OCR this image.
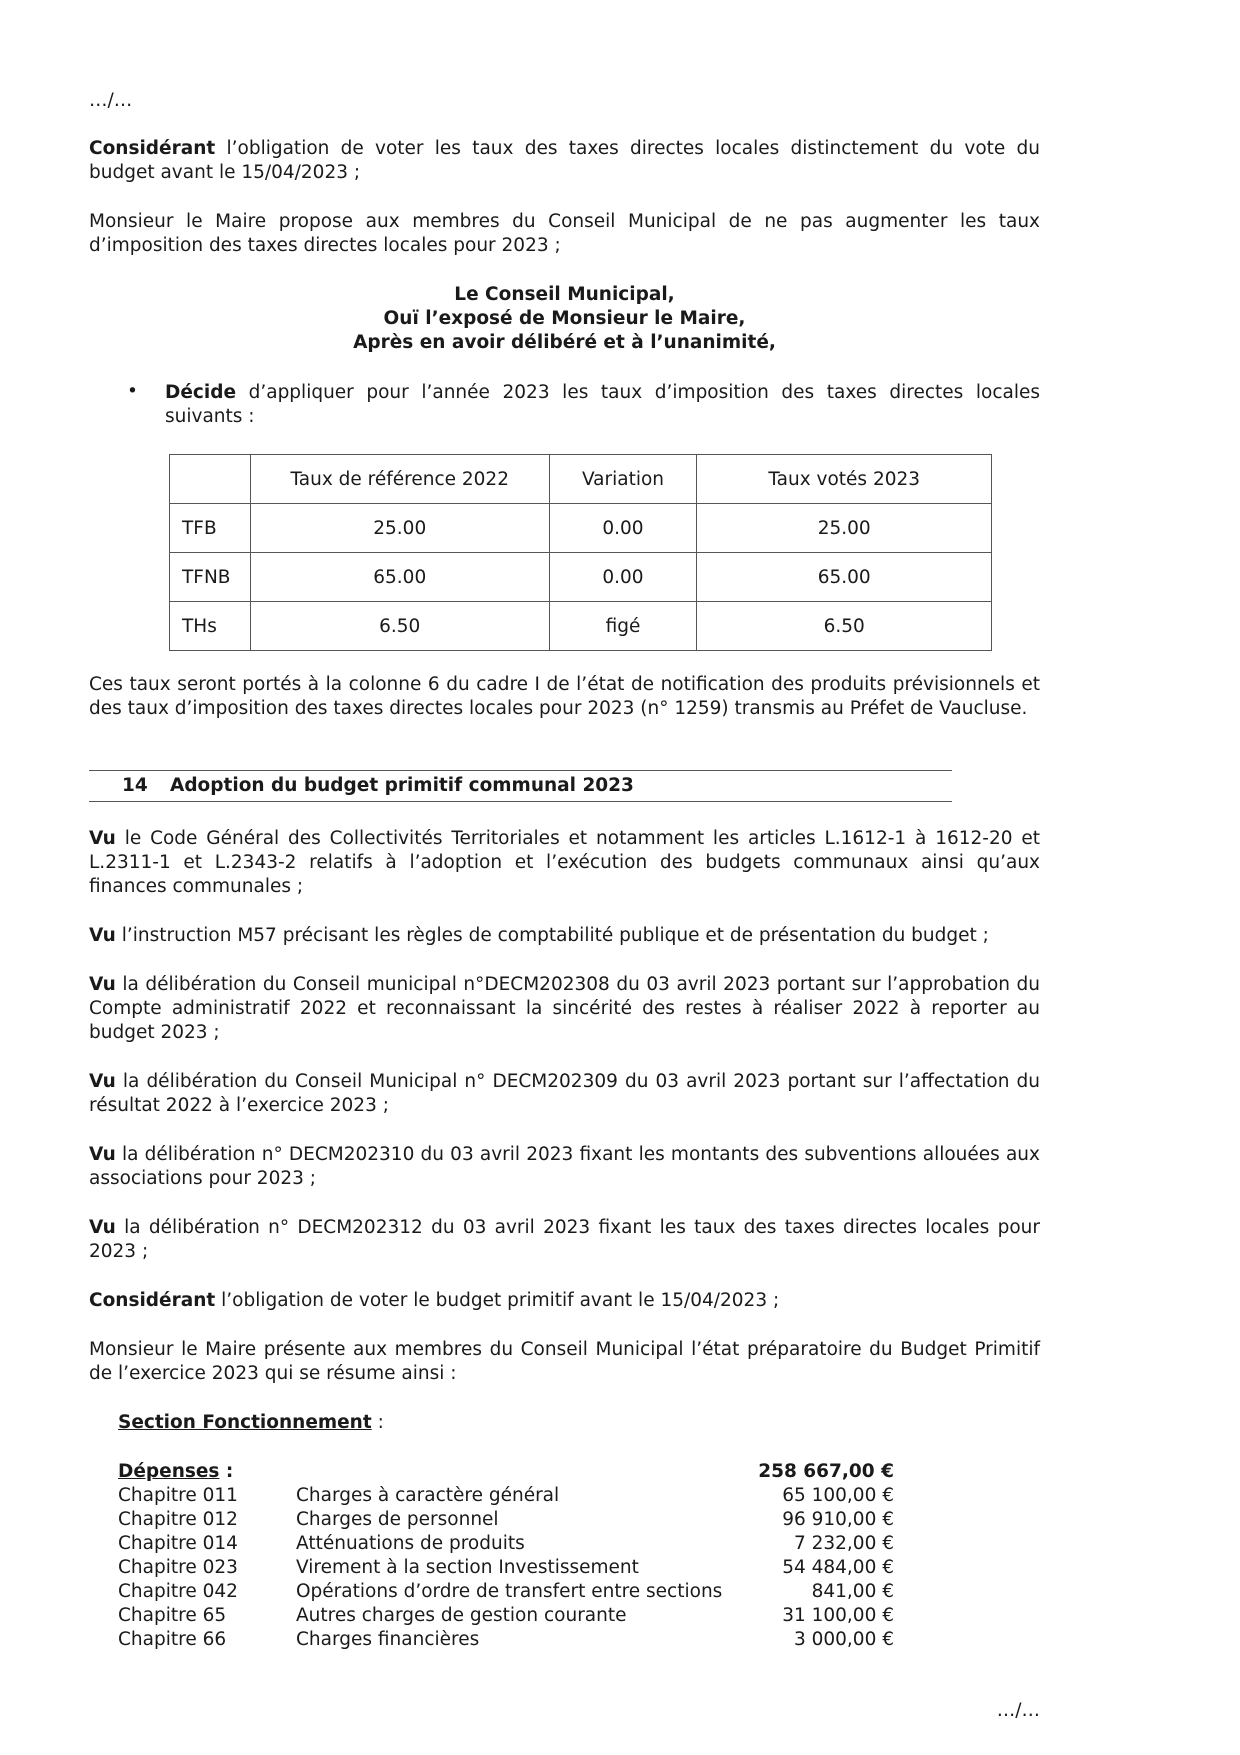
…/…

Considérant l’obligation de voter les taux des taxes directes locales distinctement du vote du budget avant le 15/04/2023 ;

Monsieur le Maire propose aux membres du Conseil Municipal de ne pas augmenter les taux d’imposition des taxes directes locales pour 2023 ;

Le Conseil Municipal,
Ouï l’exposé de Monsieur le Maire,
Après en avoir délibéré et à l’unanimité,
• Décide d’appliquer pour l’année 2023 les taux d’imposition des taxes directes locales suivants :

	Taux de référence 2022	Variation	Taux votés 2023
TFB	25.00	0.00	25.00
TFNB	65.00	0.00	65.00
THs	6.50	figé	6.50

Ces taux seront portés à la colonne 6 du cadre I de l’état de notification des produits prévisionnels et des taux d’imposition des taxes directes locales pour 2023 (n° 1259) transmis au Préfet de Vaucluse.

14 Adoption du budget primitif communal 2023

Vu le Code Général des Collectivités Territoriales et notamment les articles L.1612-1 à 1612-20 et L.2311-1 et L.2343-2 relatifs à l’adoption et l’exécution des budgets communaux ainsi qu’aux finances communales ;

Vu l’instruction M57 précisant les règles de comptabilité publique et de présentation du budget ;

Vu la délibération du Conseil municipal n°DECM202308 du 03 avril 2023 portant sur l’approbation du Compte administratif 2022 et reconnaissant la sincérité des restes à réaliser 2022 à reporter au budget 2023 ;

Vu la délibération du Conseil Municipal n° DECM202309 du 03 avril 2023 portant sur l’affectation du résultat 2022 à l’exercice 2023 ;

Vu la délibération n° DECM202310 du 03 avril 2023 fixant les montants des subventions allouées aux associations pour 2023 ;

Vu la délibération n° DECM202312 du 03 avril 2023 fixant les taux des taxes directes locales pour 2023 ;

Considérant l’obligation de voter le budget primitif avant le 15/04/2023 ;

Monsieur le Maire présente aux membres du Conseil Municipal l’état préparatoire du Budget Primitif de l’exercice 2023 qui se résume ainsi :

Section Fonctionnement :

Dépenses :	258 667,00 €
Chapitre 011	Charges à caractère général	65 100,00 €
Chapitre 012	Charges de personnel	96 910,00 €
Chapitre 014	Atténuations de produits	7 232,00 €
Chapitre 023	Virement à la section Investissement	54 484,00 €
Chapitre 042	Opérations d’ordre de transfert entre sections	841,00 €
Chapitre 65	Autres charges de gestion courante	31 100,00 €
Chapitre 66	Charges financières	3 000,00 €

…/…
